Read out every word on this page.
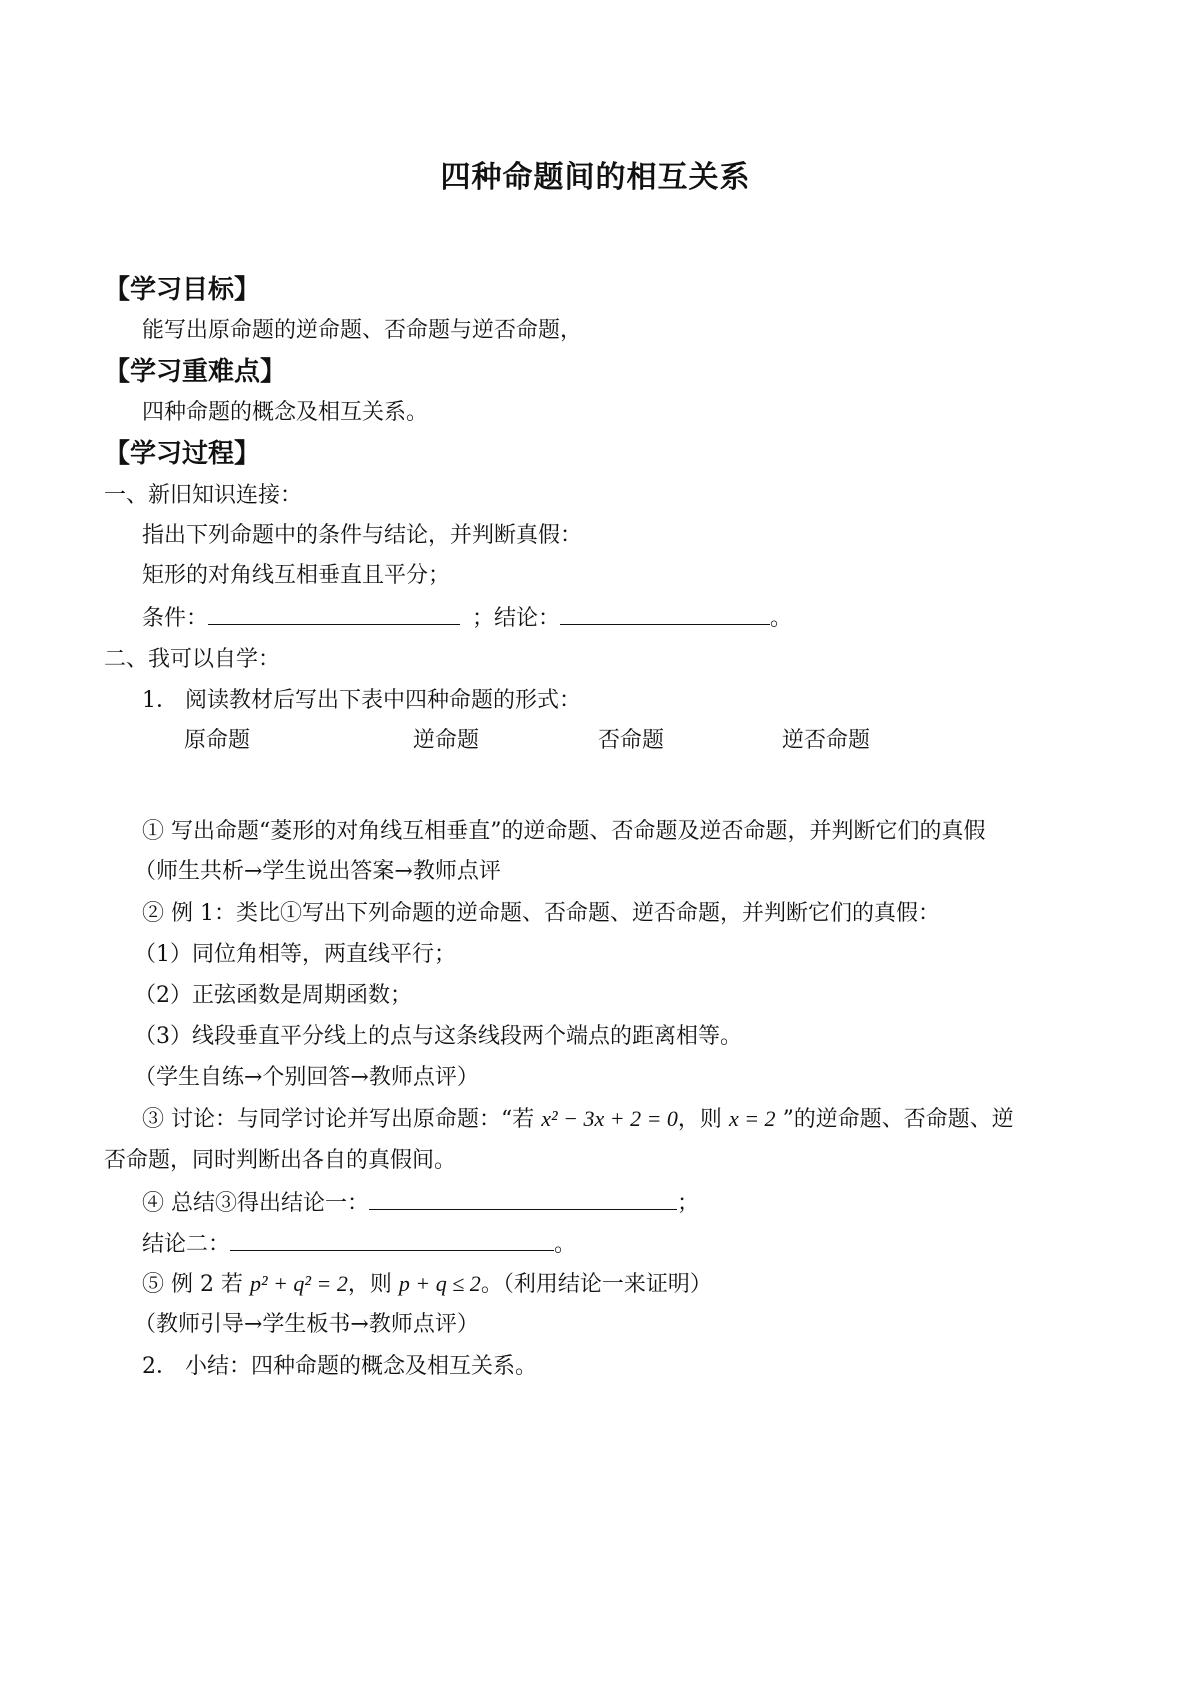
四种命题间的相互关系
【学习目标】
能写出原命题的逆命题、否命题与逆否命题，
【学习重难点】
四种命题的概念及相互关系。
【学习过程】
一、新旧知识连接：
指出下列命题中的条件与结论，并判断真假：
矩形的对角线互相垂直且平分；
条件：	；结论：	。
二、我可以自学：
1． 阅读教材后写出下表中四种命题的形式：
原命题	逆命题	否命题	逆否命题
① 写出命题“菱形的对角线互相垂直”的逆命题、否命题及逆否命题，并判断它们的真假
（师生共析→学生说出答案→教师点评
② 例 1：类比①写出下列命题的逆命题、否命题、逆否命题，并判断它们的真假：
（1）同位角相等，两直线平行；
（2）正弦函数是周期函数；
（3）线段垂直平分线上的点与这条线段两个端点的距离相等。
（学生自练→个别回答→教师点评）
③ 讨论：与同学讨论并写出原命题：“若 x² − 3x + 2 = 0，则 x = 2 ”的逆命题、否命题、逆
否命题，同时判断出各自的真假间。
④ 总结③得出结论一：	；
结论二：	。
⑤ 例 2 若 p² + q² = 2，则 p + q ≤ 2。（利用结论一来证明）
（教师引导→学生板书→教师点评）
2． 小结：四种命题的概念及相互关系。
